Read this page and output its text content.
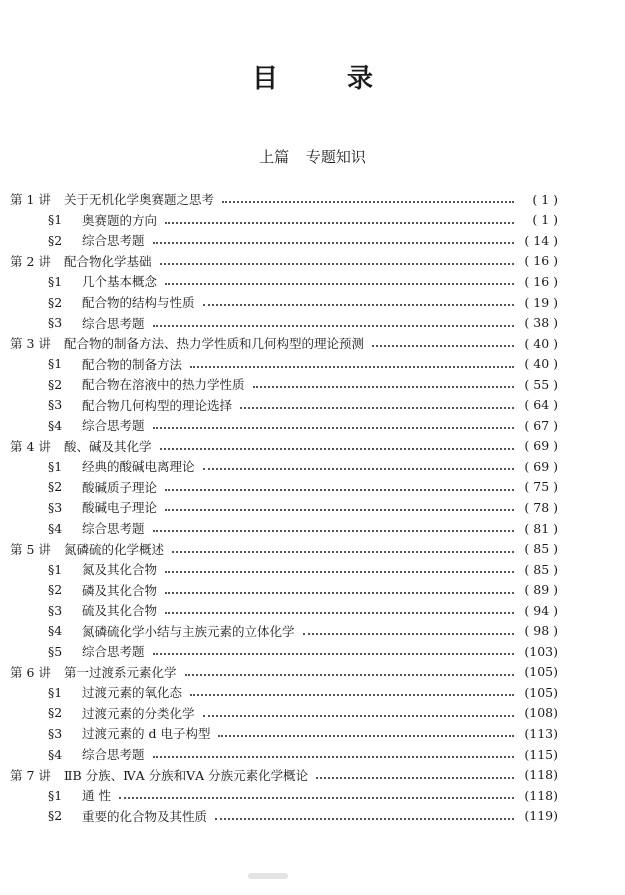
目 录
上篇 专题知识
第 1 讲	关于无机化学奥赛题之思考	( 1 )
§1	奥赛题的方向	( 1 )
§2	综合思考题	( 14 )
第 2 讲	配合物化学基础	( 16 )
§1	几个基本概念	( 16 )
§2	配合物的结构与性质	( 19 )
§3	综合思考题	( 38 )
第 3 讲	配合物的制备方法、热力学性质和几何构型的理论预测	( 40 )
§1	配合物的制备方法	( 40 )
§2	配合物在溶液中的热力学性质	( 55 )
§3	配合物几何构型的理论选择	( 64 )
§4	综合思考题	( 67 )
第 4 讲	酸、碱及其化学	( 69 )
§1	经典的酸碱电离理论	( 69 )
§2	酸碱质子理论	( 75 )
§3	酸碱电子理论	( 78 )
§4	综合思考题	( 81 )
第 5 讲	氮磷硫的化学概述	( 85 )
§1	氮及其化合物	( 85 )
§2	磷及其化合物	( 89 )
§3	硫及其化合物	( 94 )
§4	氮磷硫化学小结与主族元素的立体化学	( 98 )
§5	综合思考题	(103)
第 6 讲	第一过渡系元素化学	(105)
§1	过渡元素的氧化态	(105)
§2	过渡元素的分类化学	(108)
§3	过渡元素的 d 电子构型	(113)
§4	综合思考题	(115)
第 7 讲	ⅡB 分族、ⅣA 分族和ⅤA 分族元素化学概论	(118)
§1	通 性	(118)
§2	重要的化合物及其性质	(119)
